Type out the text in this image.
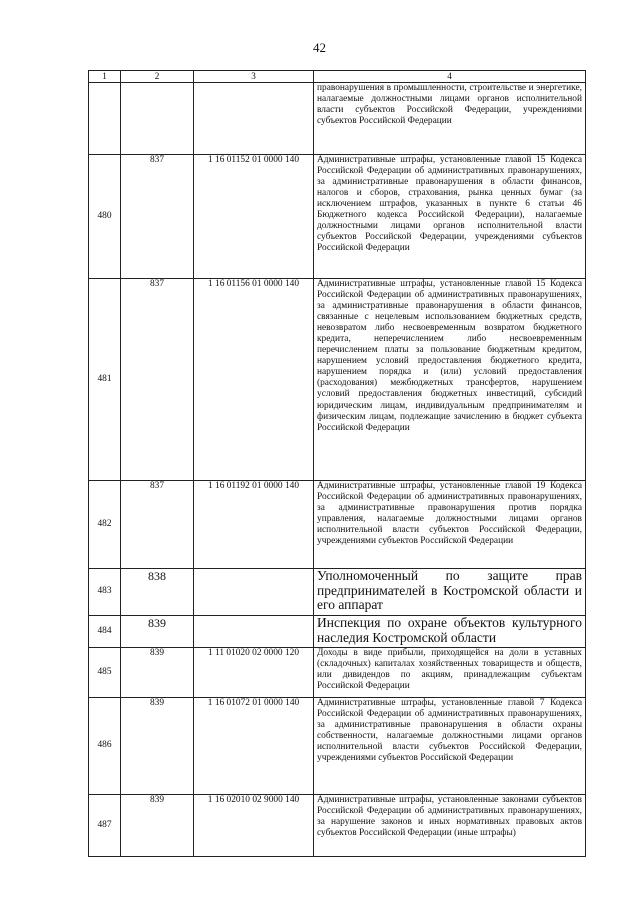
42
1	2	3	4

			правонарушения в промышленности, строительстве и энергетике, налагаемые должностными лицами органов исполнительной власти субъектов Российской Федерации, учреждениями субъектов Российской Федерации

480	837	1 16 01152 01 0000 140	Административные штрафы, установленные главой 15 Кодекса Российской Федерации об административных правонарушениях, за административные правонарушения в области финансов, налогов и сборов, страхования, рынка ценных бумаг (за исключением штрафов, указанных в пункте 6 статьи 46 Бюджетного кодекса Российской Федерации), налагаемые должностными лицами органов исполнительной власти субъектов Российской Федерации, учреждениями субъектов Российской Федерации

481	837	1 16 01156 01 0000 140	Административные штрафы, установленные главой 15 Кодекса Российской Федерации об административных правонарушениях, за административные правонарушения в области финансов, связанные с нецелевым использованием бюджетных средств, невозвратом либо несвоевременным возвратом бюджетного кредита, неперечислением либо несвоевременным перечислением платы за пользование бюджетным кредитом, нарушением условий предоставления бюджетного кредита, нарушением порядка и (или) условий предоставления (расходования) межбюджетных трансфертов, нарушением условий предоставления бюджетных инвестиций, субсидий юридическим лицам, индивидуальным предпринимателям и физическим лицам, подлежащие зачислению в бюджет субъекта Российской Федерации

482	837	1 16 01192 01 0000 140	Административные штрафы, установленные главой 19 Кодекса Российской Федерации об административных правонарушениях, за административные правонарушения против порядка управления, налагаемые должностными лицами органов исполнительной власти субъектов Российской Федерации, учреждениями субъектов Российской Федерации

483	838		Уполномоченный по защите прав предпринимателей в Костромской области и его аппарат

484	839		Инспекция по охране объектов культурного наследия Костромской области

485	839	1 11 01020 02 0000 120	Доходы в виде прибыли, приходящейся на доли в уставных (складочных) капиталах хозяйственных товариществ и обществ, или дивидендов по акциям, принадлежащим субъектам Российской Федерации

486	839	1 16 01072 01 0000 140	Административные штрафы, установленные главой 7 Кодекса Российской Федерации об административных правонарушениях, за административные правонарушения в области охраны собственности, налагаемые должностными лицами органов исполнительной власти субъектов Российской Федерации, учреждениями субъектов Российской Федерации

487	839	1 16 02010 02 9000 140	Административные штрафы, установленные законами субъектов Российской Федерации об административных правонарушениях, за нарушение законов и иных нормативных правовых актов субъектов Российской Федерации (иные штрафы)
